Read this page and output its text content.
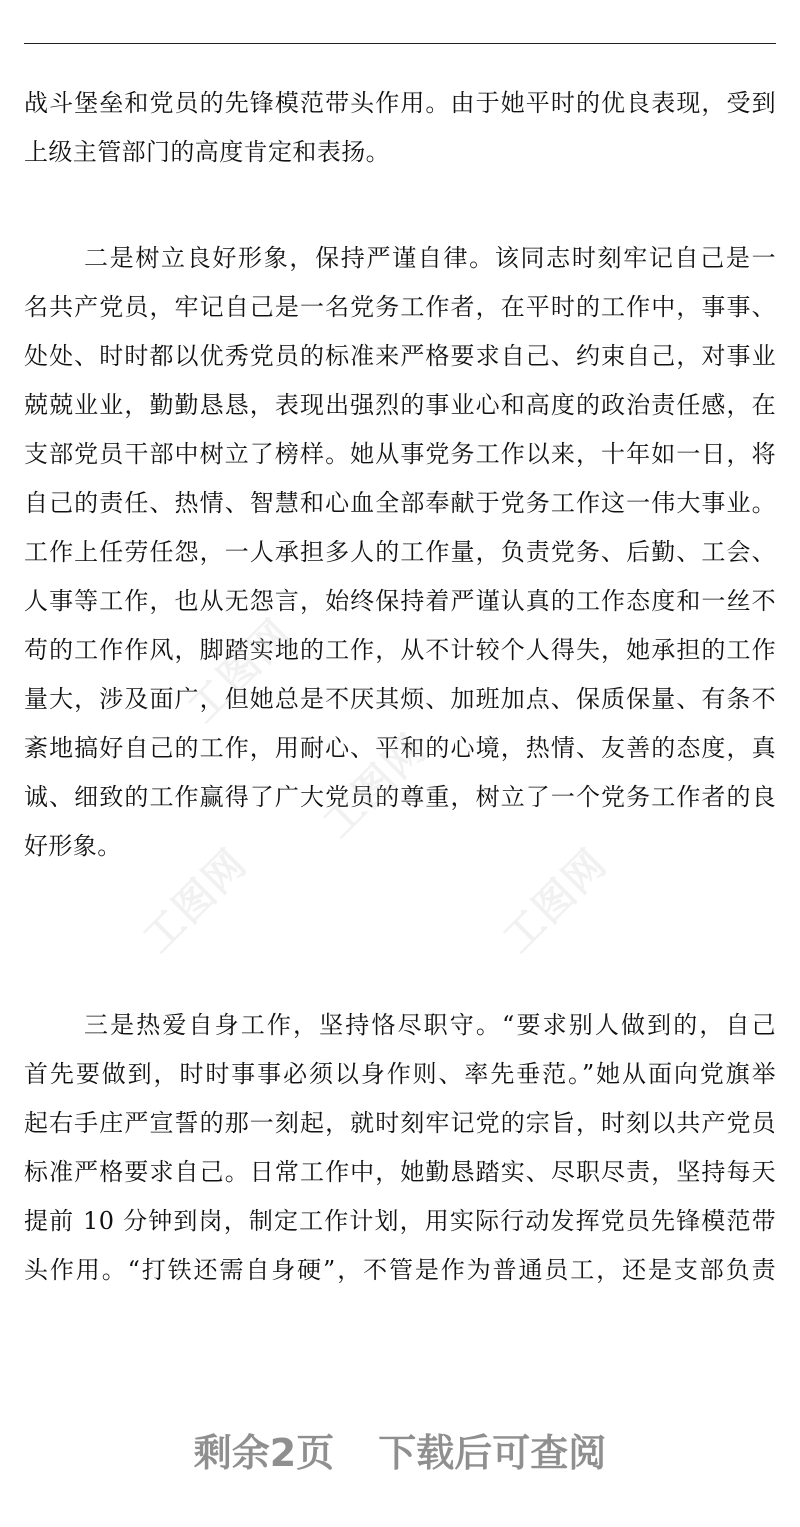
战斗堡垒和党员的先锋模范带头作用。由于她平时的优良表现，受到
上级主管部门的高度肯定和表扬。
二是树立良好形象，保持严谨自律。该同志时刻牢记自己是一
名共产党员，牢记自己是一名党务工作者，在平时的工作中，事事、
处处、时时都以优秀党员的标准来严格要求自己、约束自己，对事业
兢兢业业，勤勤恳恳，表现出强烈的事业心和高度的政治责任感，在
支部党员干部中树立了榜样。她从事党务工作以来，十年如一日，将
自己的责任、热情、智慧和心血全部奉献于党务工作这一伟大事业。
工作上任劳任怨，一人承担多人的工作量，负责党务、后勤、工会、
人事等工作，也从无怨言，始终保持着严谨认真的工作态度和一丝不
苟的工作作风，脚踏实地的工作，从不计较个人得失，她承担的工作
量大，涉及面广，但她总是不厌其烦、加班加点、保质保量、有条不
紊地搞好自己的工作，用耐心、平和的心境，热情、友善的态度，真
诚、细致的工作赢得了广大党员的尊重，树立了一个党务工作者的良
好形象。
三是热爱自身工作，坚持恪尽职守。“要求别人做到的，自己
首先要做到，时时事事必须以身作则、率先垂范。”她从面向党旗举
起右手庄严宣誓的那一刻起，就时刻牢记党的宗旨，时刻以共产党员
标准严格要求自己。日常工作中，她勤恳踏实、尽职尽责，坚持每天
提前 10 分钟到岗，制定工作计划，用实际行动发挥党员先锋模范带
头作用。“打铁还需自身硬”，不管是作为普通员工，还是支部负责
工图网
工图网
工图网	工图网
剩余2页 下载后可查阅
